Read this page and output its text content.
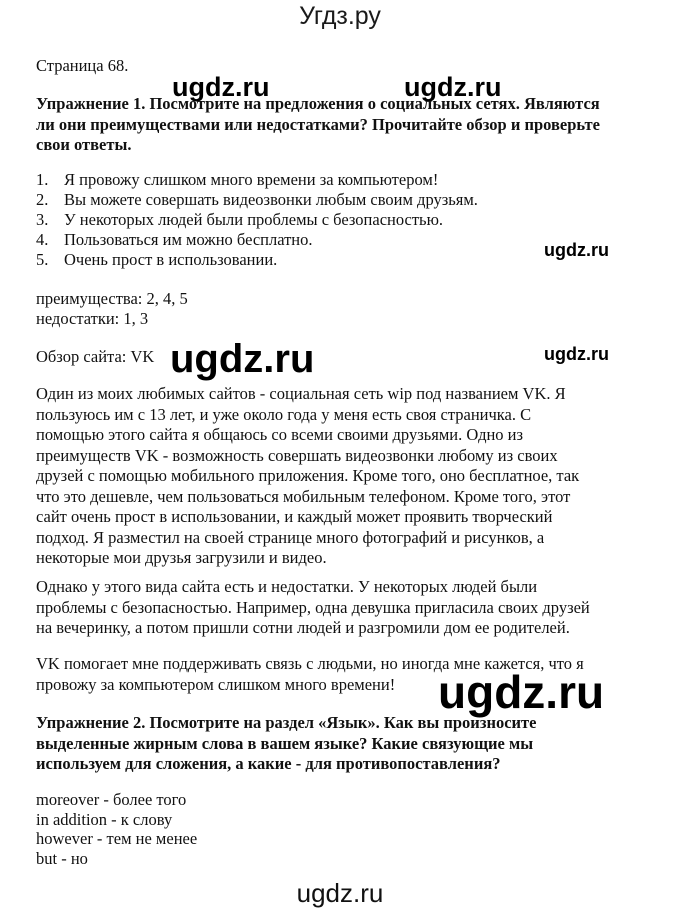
Угдз.ру
Страница 68.
ugdz.ru	ugdz.ru
ugdz.ru
ugdz.ru	ugdz.ru
ugdz.ru
Упражнение 1. Посмотрите на предложения о социальных сетях. Являются
ли они преимуществами или недостатками? Прочитайте обзор и проверьте
свои ответы.
1. Я провожу слишком много времени за компьютером!
2. Вы можете совершать видеозвонки любым своим друзьям.
3. У некоторых людей были проблемы с безопасностью.
4. Пользоваться им можно бесплатно.
5. Очень прост в использовании.
преимущества: 2, 4, 5
недостатки: 1, 3
Обзор сайта: VK
Один из моих любимых сайтов - социальная сеть wip под названием VK. Я
пользуюсь им с 13 лет, и уже около года у меня есть своя страничка. С
помощью этого сайта я общаюсь со всеми своими друзьями. Одно из
преимуществ VK - возможность совершать видеозвонки любому из своих
друзей с помощью мобильного приложения. Кроме того, оно бесплатное, так
что это дешевле, чем пользоваться мобильным телефоном. Кроме того, этот
сайт очень прост в использовании, и каждый может проявить творческий
подход. Я разместил на своей странице много фотографий и рисунков, а
некоторые мои друзья загрузили и видео.
Однако у этого вида сайта есть и недостатки. У некоторых людей были
проблемы с безопасностью. Например, одна девушка пригласила своих друзей
на вечеринку, а потом пришли сотни людей и разгромили дом ее родителей.
VK помогает мне поддерживать связь с людьми, но иногда мне кажется, что я
провожу за компьютером слишком много времени!
Упражнение 2. Посмотрите на раздел «Язык». Как вы произносите
выделенные жирным слова в вашем языке? Какие связующие мы
используем для сложения, а какие - для противопоставления?
moreover - более того
in addition - к слову
however - тем не менее
but - но
ugdz.ru
